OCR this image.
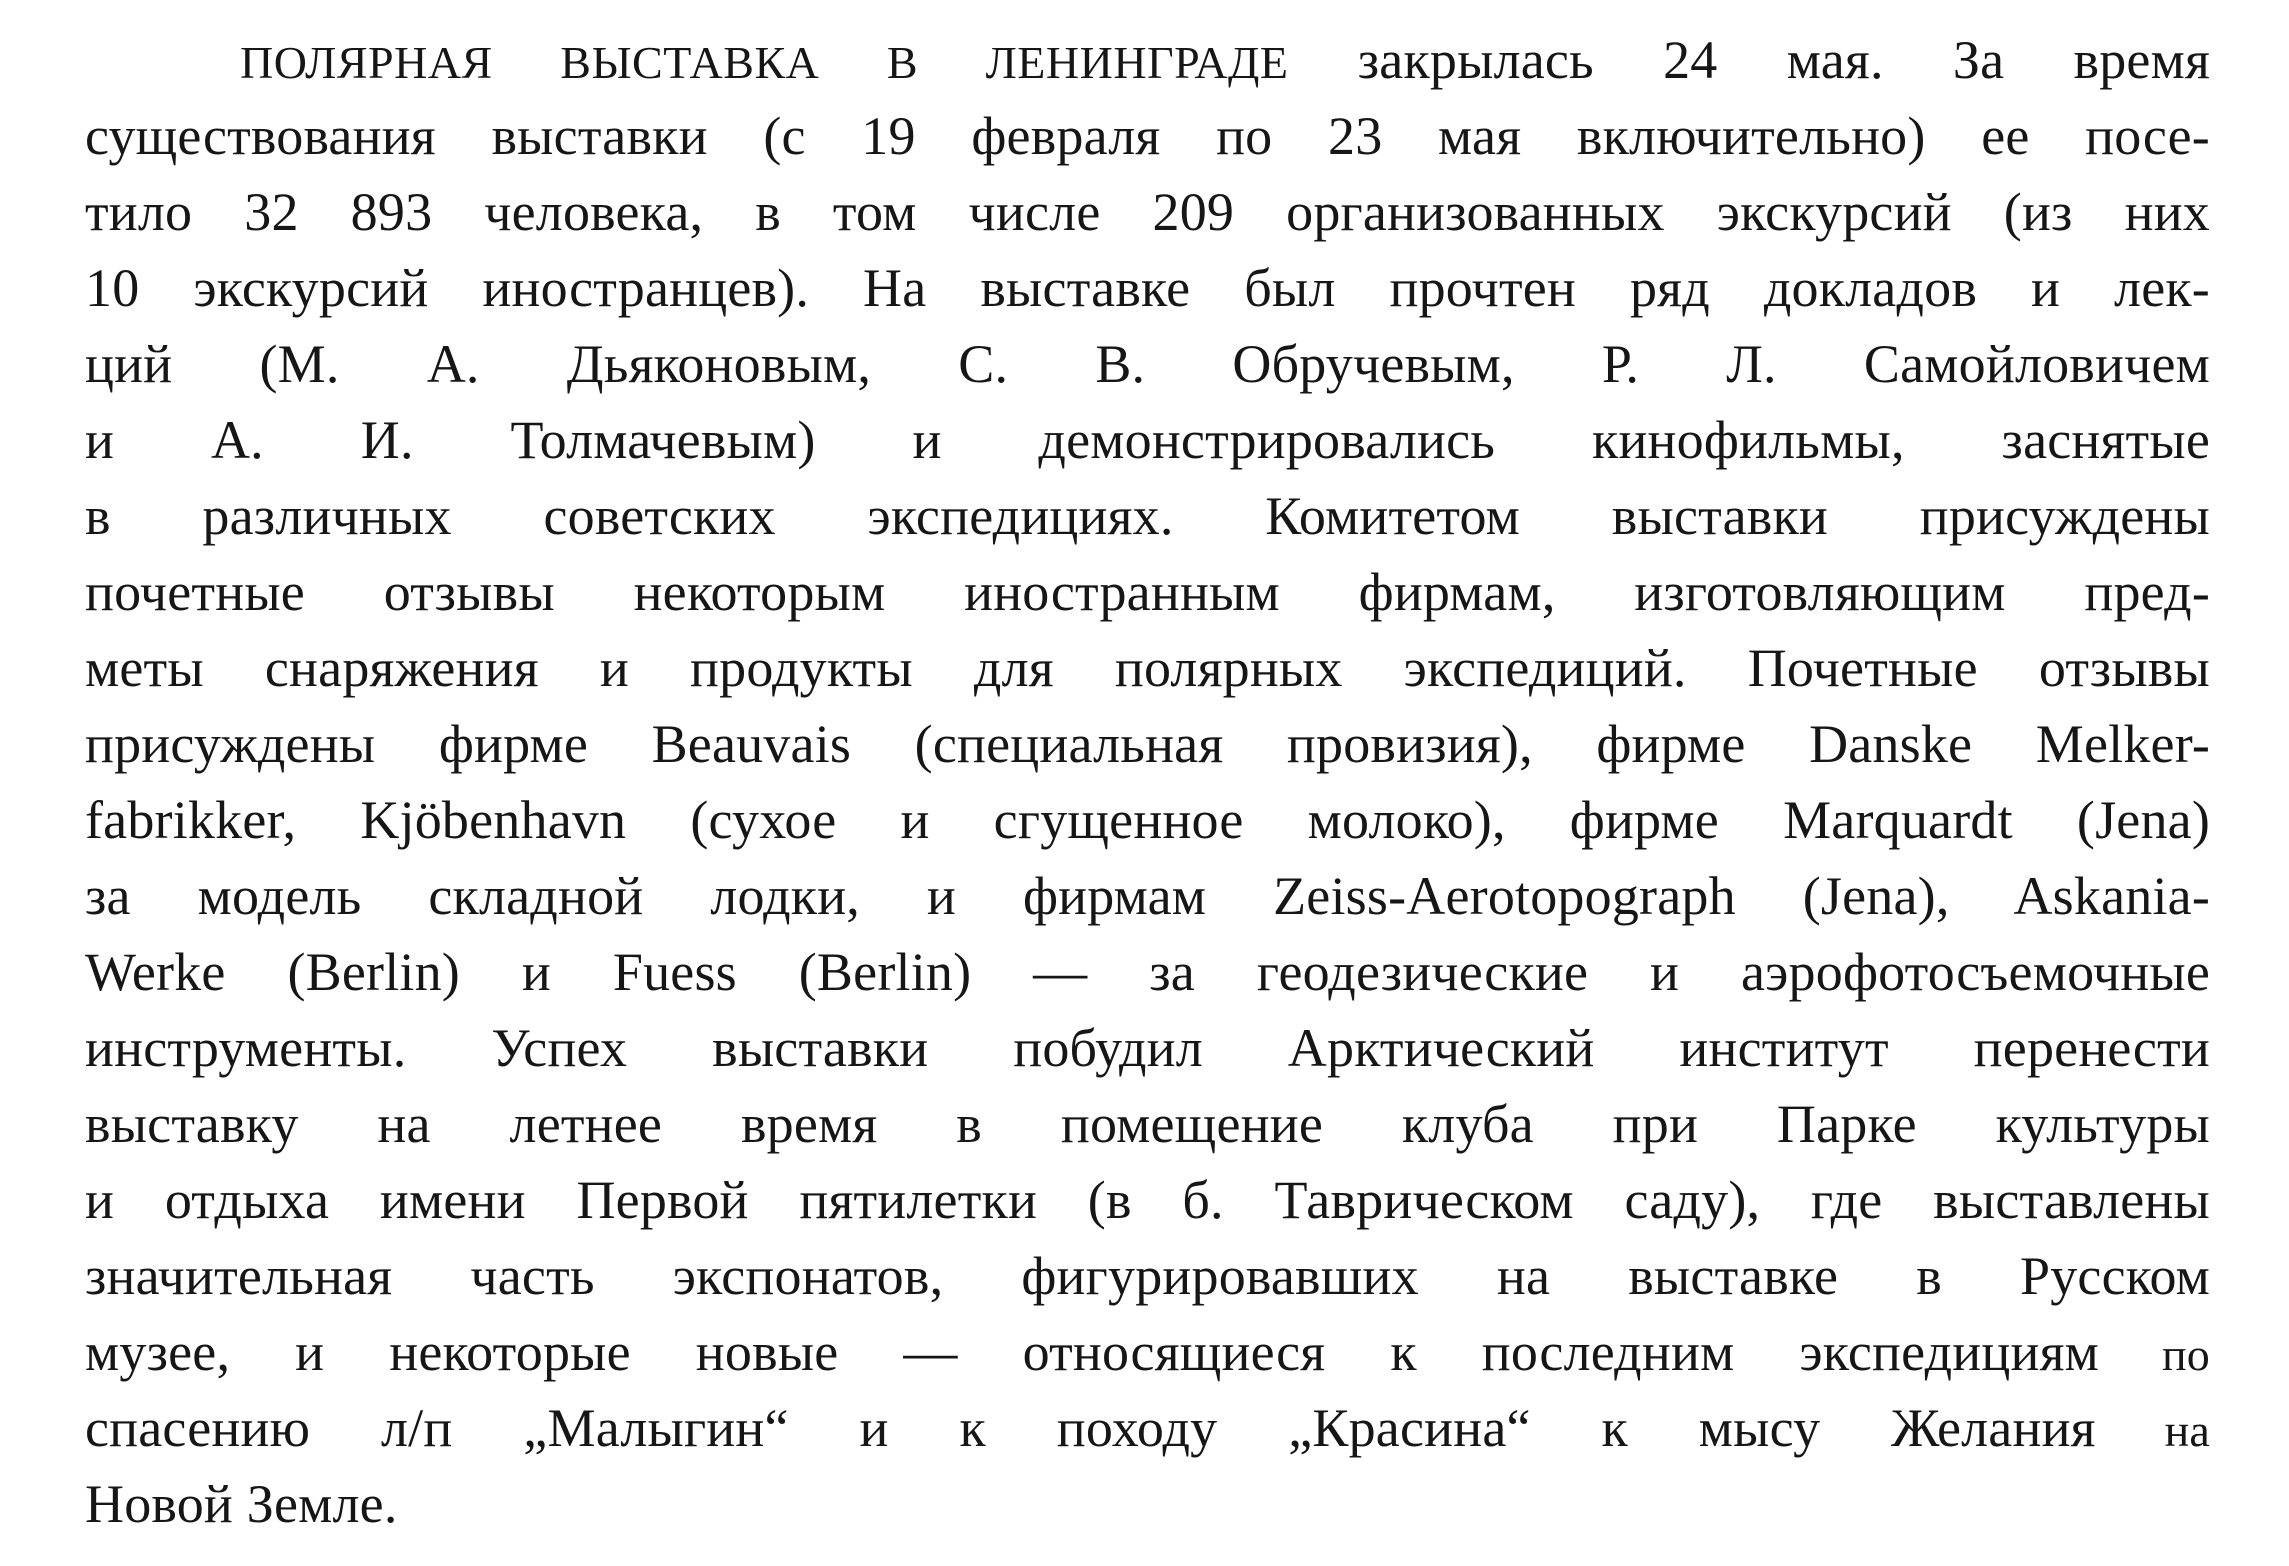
ПОЛЯРНАЯ ВЫСТАВКА В ЛЕНИНГРАДЕ закрылась 24 мая. За время
существования выставки (с 19 февраля по 23 мая включительно) ее посе-
тило 32 893 человека, в том числе 209 организованных экскурсий (из них
10 экскурсий иностранцев). На выставке был прочтен ряд докладов и лек-
ций (М. А. Дьяконовым, С. В. Обручевым, Р. Л. Самойловичем
и А. И. Толмачевым) и демонстрировались кинофильмы, заснятые
в различных советских экспедициях. Комитетом выставки присуждены
почетные отзывы некоторым иностранным фирмам, изготовляющим пред-
меты снаряжения и продукты для полярных экспедиций. Почетные отзывы
присуждены фирме Beauvais (специальная провизия), фирме Danske Melker-
fabrikker, Kjöbenhavn (сухое и сгущенное молоко), фирме Marquardt (Jena)
за модель складной лодки, и фирмам Zeiss-Aerotopograph (Jena), Askania-
Werke (Berlin) и Fuess (Berlin) — за геодезические и аэрофотосъемочные
инструменты. Успех выставки побудил Арктический институт перенести
выставку на летнее время в помещение клуба при Парке культуры
и отдыха имени Первой пятилетки (в б. Таврическом саду), где выставлены
значительная часть экспонатов, фигурировавших на выставке в Русском
музее, и некоторые новые — относящиеся к последним экспедициям по
спасению л/п „Малыгин“ и к походу „Красина“ к мысу Желания на
Новой Земле.
